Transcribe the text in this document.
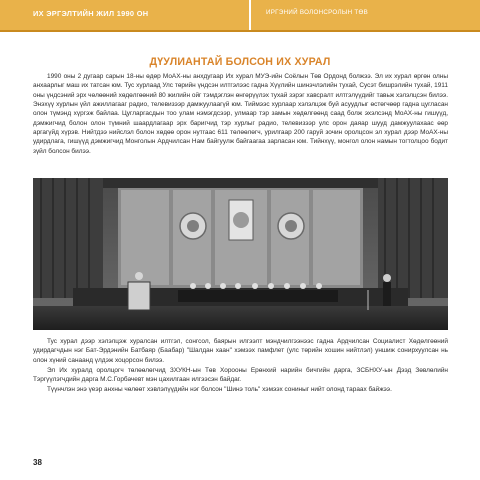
ИХ ЭРГЭЛТИЙН ЖИЛ 1990 ОН	ИРГЭНИЙ ВОЛОНСРОЛЫН ТӨВ
ДҮУЛИАНТАЙ БОЛСОН ИХ ХУРАЛ

1990 оны 2 дугаар сарын 18-ны өдөр МоАХ-ны анхдугаар Их хурал МУЭ-ийн Соёлын Төв Ордонд болжээ. Эл их хурал өргөн олны анхаарлыг маш их татсан юм. Тус хурлаад Улс төрийн үндсэн илтгэлээс гадна Хүүлийн шинэчлэлийн тухай, Сусэт бишрэлийн тухай, 1911 оны үндсэний эрх чөлөөний хөдөлгөөний 80 жилийн ойг тэмдэглэн өнгөрүүлэх тухай зэрэг хавсралт илтгэлүүдийг тавьж хэлэлцсэн билээ. Энэхүү хурлын үйл ажиллагааг радио, телевизээр дамжуулаагүй юм. Тиймээс хурлаар хэлэлцэж буй асуудлыг өстөгчөөр гадна цугласан олон түмэнд хүргэж байлаа. Цугларгасдын тоо улам нэмэгдсээр, улмаар тэр замын хөдөлгөөнд саад болж эхэлсэнд МоАХ-ны гишүүд, дэмжигчид болон олон түмний шаардлагаар эрх баригчид тэр хурлыг радио, телевизээр улс орон даяар шууд дамжуулахаас өөр аргагүйд хүрэв. Нийтдээ нийслэл болон хөдөө орон нутгаас 611 төлөөлөгч, урилгаар 200 гаруй зочин оролцсон эл хурал дээр МоАХ-ны удирдлага, гишүүд дэмжигчид Монголын Ардчилсан Нам байгуулж байгаагаа зарласан юм. Тийнхүү, монгол олон намын тогтолцоо бодит зүйл болсон билээ.

Тус хурал дээр хэлэлцэж хуралсан илтгэл, сонгсол, баярын илгээлт мэндчилгээнээс гадна Ардчилсан Социалист Хөдөлгөөний удирдагчдын нэг Бат-Эрдэнийн Батбаяр (Баабар) "Шалдан хаан" хэмээх памфлет (улс төрийн хошин нийтлэл) уншиж сонирхуулсан нь олон хүний санаанд үлдэж хоцорсон билээ.

Эл Их хуралд оролцогч төлөөлөгчид ЗХУКН-ын Төв Хорооны Ерөнхий нарийн бичгийн дарга, ЗСБНХУ-ын Дээд Зөвлөлийн Тэргүүлэгчдийн дарга М.С.Горбачевт мэн цахилгаан илгээсэн байдаг.

Түүнчлэн энэ үеэр анхны чөлөөт хэвлэлүүдийн нэг болсон "Шинэ толь" хэмээх сониныг нийт олонд тараах байжээ.

38
